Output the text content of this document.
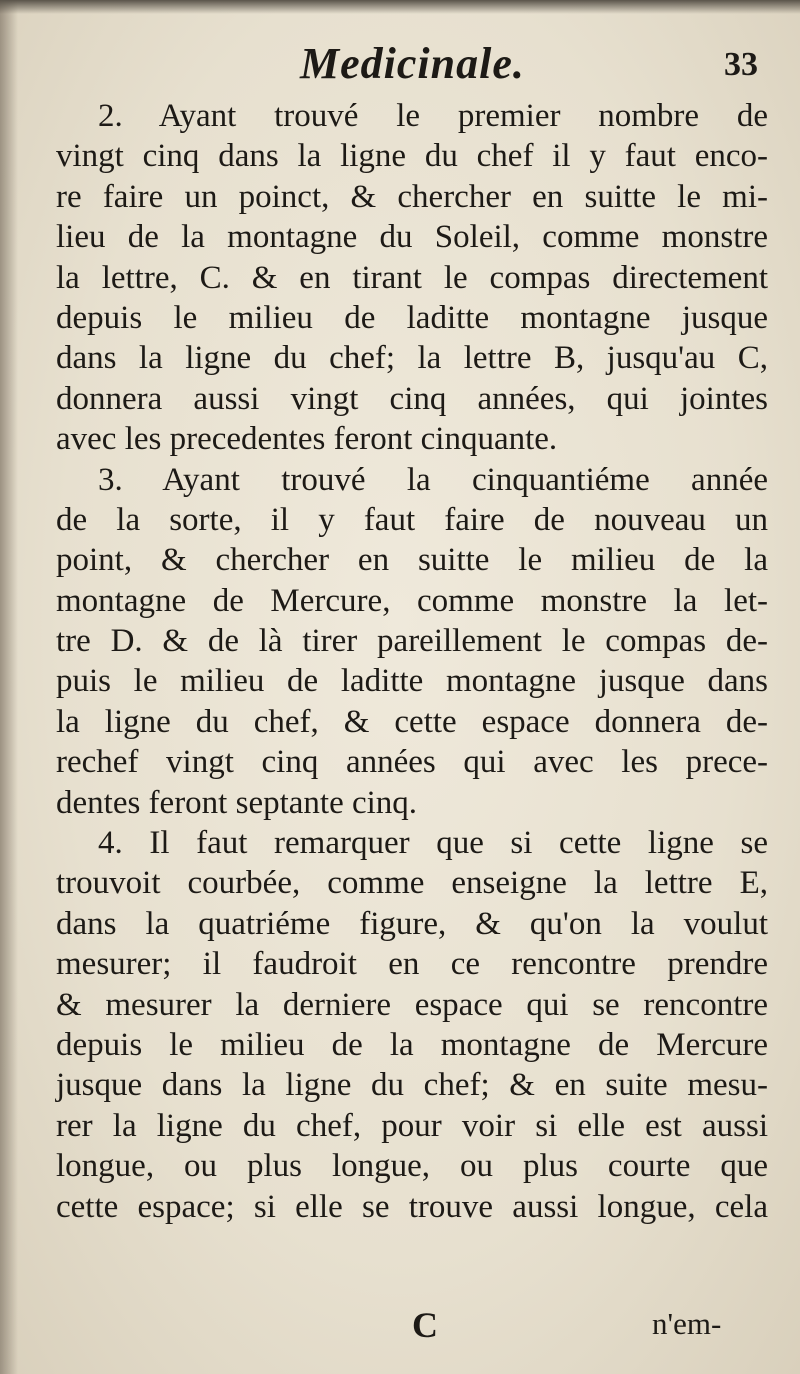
Medicinale.	33
2. Ayant trouvé le premier nombre de
vingt cinq dans la ligne du chef il y faut enco-
re faire un poinct, & chercher en suitte le mi-
lieu de la montagne du Soleil, comme monstre
la lettre, C. & en tirant le compas directement
depuis le milieu de laditte montagne jusque
dans la ligne du chef; la lettre B, jusqu'au C,
donnera aussi vingt cinq années, qui jointes
avec les precedentes feront cinquante.
3. Ayant trouvé la cinquantiéme année
de la sorte, il y faut faire de nouveau un
point, & chercher en suitte le milieu de la
montagne de Mercure, comme monstre la let-
tre D. & de là tirer pareillement le compas de-
puis le milieu de laditte montagne jusque dans
la ligne du chef, & cette espace donnera de-
rechef vingt cinq années qui avec les prece-
dentes feront septante cinq.
4. Il faut remarquer que si cette ligne se
trouvoit courbée, comme enseigne la lettre E,
dans la quatriéme figure, & qu'on la voulut
mesurer; il faudroit en ce rencontre prendre
& mesurer la derniere espace qui se rencontre
depuis le milieu de la montagne de Mercure
jusque dans la ligne du chef; & en suite mesu-
rer la ligne du chef, pour voir si elle est aussi
longue, ou plus longue, ou plus courte que
cette espace; si elle se trouve aussi longue, cela
C	n'em-
